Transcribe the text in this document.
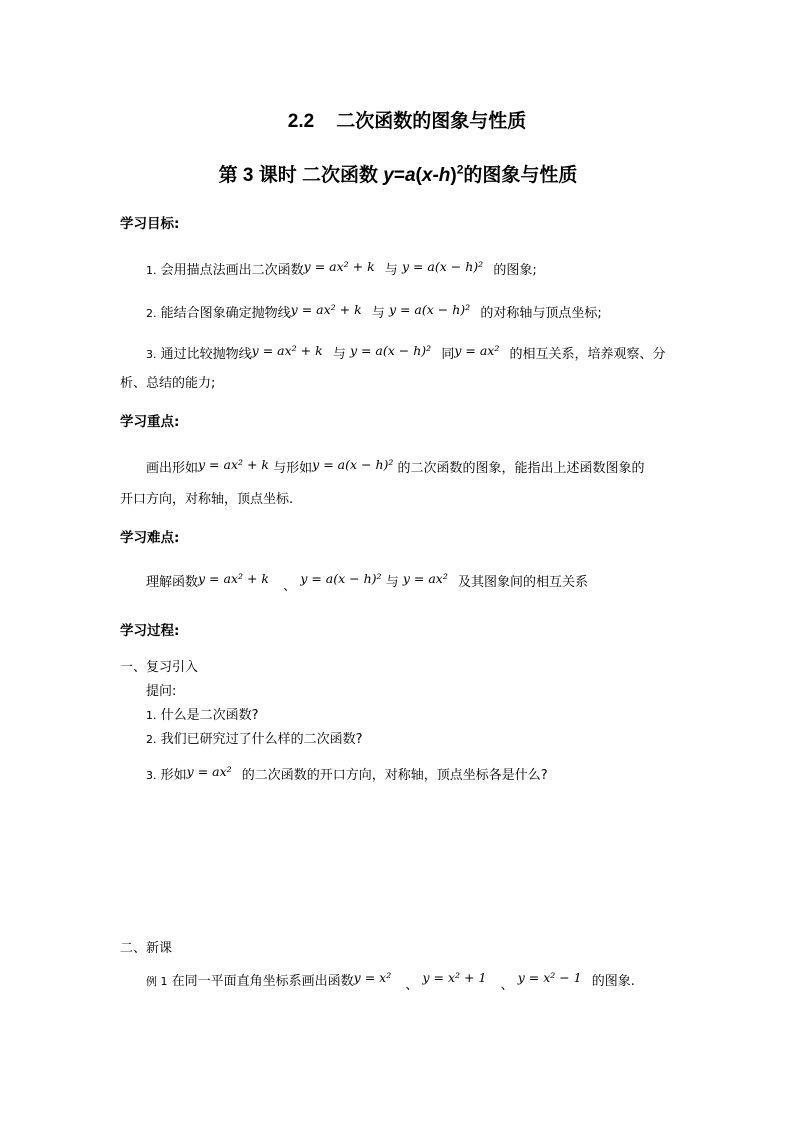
2.2 二次函数的图象与性质
第 3 课时 二次函数 $y=a(x-h)^2$的图象与性质
学习目标:
1. 会用描点法画出二次函数y = ax² + k 与 y = a(x − h)² 的图象;
2. 能结合图象确定抛物线y = ax² + k 与 y = a(x − h)² 的对称轴与顶点坐标;
3. 通过比较抛物线y = ax² + k 与 y = a(x − h)² 同y = ax² 的相互关系，培养观察、分
析、总结的能力;
学习重点:
画出形如y = ax² + k 与形如y = a(x − h)² 的二次函数的图象，能指出上述函数图象的
开口方向，对称轴，顶点坐标.
学习难点:
理解函数y = ax² + k 、 y = a(x − h)² 与 y = ax² 及其图象间的相互关系
学习过程:
一、复习引入
提问:
1. 什么是二次函数?
2. 我们已研究过了什么样的二次函数?
3. 形如y = ax² 的二次函数的开口方向，对称轴，顶点坐标各是什么?
二、新课
例 1 在同一平面直角坐标系画出函数y = x² 、 y = x² + 1 、 y = x² − 1 的图象.
